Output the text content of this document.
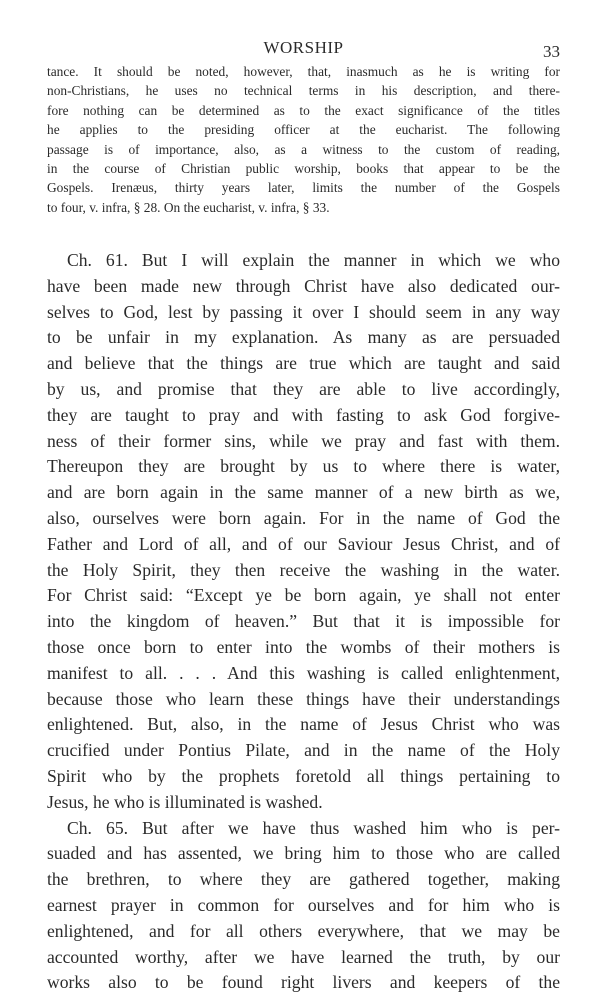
WORSHIP	33
tance. It should be noted, however, that, inasmuch as he is writing for
non-Christians, he uses no technical terms in his description, and there-
fore nothing can be determined as to the exact significance of the titles
he applies to the presiding officer at the eucharist. The following
passage is of importance, also, as a witness to the custom of reading,
in the course of Christian public worship, books that appear to be the
Gospels. Irenæus, thirty years later, limits the number of the Gospels
to four, v. infra, § 28. On the eucharist, v. infra, § 33.
Ch. 61. But I will explain the manner in which we who
have been made new through Christ have also dedicated our-
selves to God, lest by passing it over I should seem in any way
to be unfair in my explanation. As many as are persuaded
and believe that the things are true which are taught and said
by us, and promise that they are able to live accordingly,
they are taught to pray and with fasting to ask God forgive-
ness of their former sins, while we pray and fast with them.
Thereupon they are brought by us to where there is water,
and are born again in the same manner of a new birth as we,
also, ourselves were born again. For in the name of God the
Father and Lord of all, and of our Saviour Jesus Christ, and of
the Holy Spirit, they then receive the washing in the water.
For Christ said: “Except ye be born again, ye shall not enter
into the kingdom of heaven.” But that it is impossible for
those once born to enter into the wombs of their mothers is
manifest to all. . . . And this washing is called enlightenment,
because those who learn these things have their understandings
enlightened. But, also, in the name of Jesus Christ who was
crucified under Pontius Pilate, and in the name of the Holy
Spirit who by the prophets foretold all things pertaining to
Jesus, he who is illuminated is washed.
Ch. 65. But after we have thus washed him who is per-
suaded and has assented, we bring him to those who are called
the brethren, to where they are gathered together, making
earnest prayer in common for ourselves and for him who is
enlightened, and for all others everywhere, that we may be
accounted worthy, after we have learned the truth, by our
works also to be found right livers and keepers of the
